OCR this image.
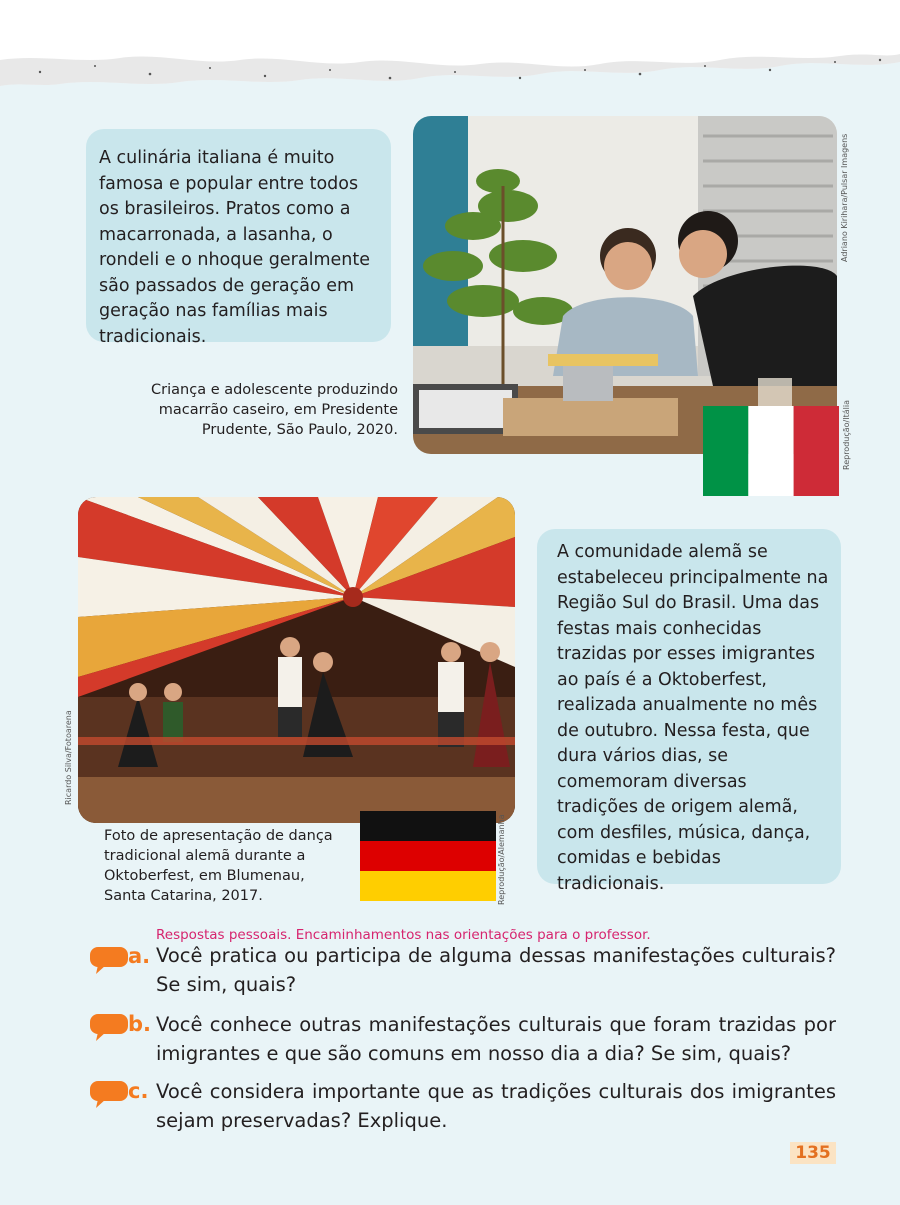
A culinária italiana é muito famosa e popular entre todos os brasileiros. Pratos como a macarronada, a lasanha, o rondeli e o nhoque geralmente são passados de geração em geração nas famílias mais tradicionais.
Adriano Kirihara/Pulsar Imagens
Criança e adolescente produzindo macarrão caseiro, em Presidente Prudente, São Paulo, 2020.	Reprodução/Itália
Ricardo Silva/Fotoarena
Foto de apresentação de dança tradicional alemã durante a Oktoberfest, em Blumenau, Santa Catarina, 2017.	Reprodução/Alemanha
A comunidade alemã se estabeleceu principalmente na Região Sul do Brasil. Uma das festas mais conhecidas trazidas por esses imigrantes ao país é a Oktoberfest, realizada anualmente no mês de outubro. Nessa festa, que dura vários dias, se comemoram diversas tradições de origem alemã, com desfiles, música, dança, comidas e bebidas tradicionais.
Respostas pessoais. Encaminhamentos nas orientações para o professor.
a. Você pratica ou participa de alguma dessas manifestações culturais? Se sim, quais?
b. Você conhece outras manifestações culturais que foram trazidas por imigrantes e que são comuns em nosso dia a dia? Se sim, quais?
c. Você considera importante que as tradições culturais dos imigrantes sejam preservadas? Explique.
135
